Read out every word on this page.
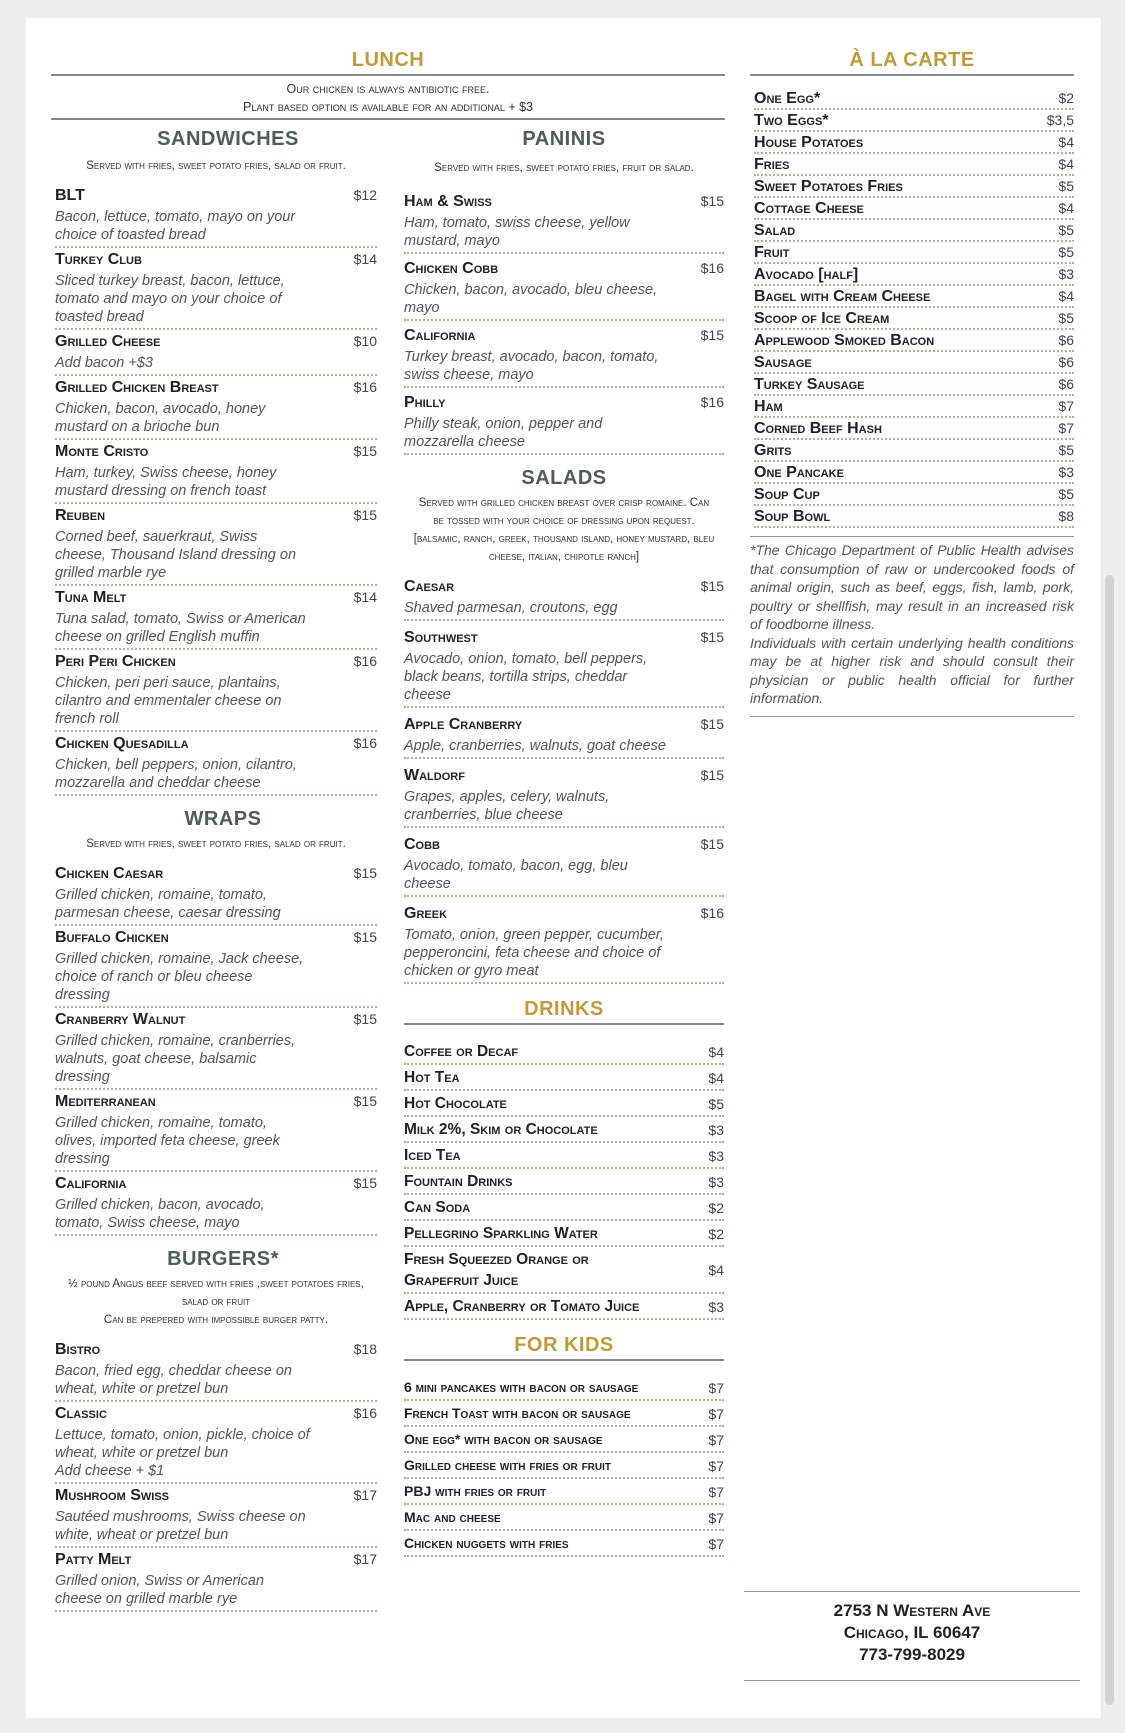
LUNCH
Our chicken is always antibiotic free.
Plant based option is available for an additional + $3
SANDWICHES
Served with fries, sweet potato fries, salad or fruit.
BLT	$12
Bacon, lettuce, tomato, mayo on your choice of toasted bread
Turkey Club	$14
Sliced turkey breast, bacon, lettuce, tomato and mayo on your choice of toasted bread
Grilled Cheese	$10
Add bacon +$3
Grilled Chicken Breast	$16
Chicken, bacon, avocado, honey mustard on a brioche bun
Monte Cristo	$15
Ham, turkey, Swiss cheese, honey mustard dressing on french toast
Reuben	$15
Corned beef, sauerkraut, Swiss cheese, Thousand Island dressing on grilled marble rye
Tuna Melt	$14
Tuna salad, tomato, Swiss or American cheese on grilled English muffin
Peri Peri Chicken	$16
Chicken, peri peri sauce, plantains, cilantro and emmentaler cheese on french roll
Chicken Quesadilla	$16
Chicken, bell peppers, onion, cilantro, mozzarella and cheddar cheese
WRAPS
Served with fries, sweet potato fries, salad or fruit.
Chicken Caesar	$15
Grilled chicken, romaine, tomato, parmesan cheese, caesar dressing
Buffalo Chicken	$15
Grilled chicken, romaine, Jack cheese, choice of ranch or bleu cheese dressing
Cranberry Walnut	$15
Grilled chicken, romaine, cranberries, walnuts, goat cheese, balsamic dressing
Mediterranean	$15
Grilled chicken, romaine, tomato, olives, imported feta cheese, greek dressing
California	$15
Grilled chicken, bacon, avocado, tomato, Swiss cheese, mayo
BURGERS*
½ pound Angus beef served with fries ,sweet potatoes fries, salad or fruit
Can be prepered with impossible burger patty.
Bistro	$18
Bacon, fried egg, cheddar cheese on wheat, white or pretzel bun
Classic	$16
Lettuce, tomato, onion, pickle, choice of wheat, white or pretzel bun
Add cheese + $1
Mushroom Swiss	$17
Sautéed mushrooms, Swiss cheese on white, wheat or pretzel bun
Patty Melt	$17
Grilled onion, Swiss or American cheese on grilled marble rye
PANINIS
Served with fries, sweet potato fries, fruit or salad.
Ham & Swiss	$15
Ham, tomato, swiss cheese, yellow mustard, mayo
Chicken Cobb	$16
Chicken, bacon, avocado, bleu cheese, mayo
California	$15
Turkey breast, avocado, bacon, tomato, swiss cheese, mayo
Philly	$16
Philly steak, onion, pepper and mozzarella cheese
SALADS
Served with grilled chicken breast over crisp romaine. Can be tossed with your choice of dressing upon request.
[balsamic, ranch, greek, thousand island, honey mustard, bleu cheese, italian, chipotle ranch]
Caesar	$15
Shaved parmesan, croutons, egg
Southwest	$15
Avocado, onion, tomato, bell peppers, black beans, tortilla strips, cheddar cheese
Apple Cranberry	$15
Apple, cranberries, walnuts, goat cheese
Waldorf	$15
Grapes, apples, celery, walnuts, cranberries, blue cheese
Cobb	$15
Avocado, tomato, bacon, egg, bleu cheese
Greek	$16
Tomato, onion, green pepper, cucumber, pepperoncini, feta cheese and choice of chicken or gyro meat
DRINKS
Coffee or Decaf	$4
Hot Tea	$4
Hot Chocolate	$5
Milk 2%, Skim or Chocolate	$3
Iced Tea	$3
Fountain Drinks	$3
Can Soda	$2
Pellegrino Sparkling Water	$2
Fresh Squeezed Orange or Grapefruit Juice
$4
Apple, Cranberry or Tomato Juice	$3
FOR KIDS
6 mini pancakes with bacon or sausage	$7
French Toast with bacon or sausage	$7
One egg* with bacon or sausage	$7
Grilled cheese with fries or fruit	$7
PBJ with fries or fruit	$7
Mac and cheese	$7
Chicken nuggets with fries	$7
À LA CARTE
One Egg*	$2
Two Eggs*	$3,5
House Potatoes	$4
Fries	$4
Sweet Potatoes Fries	$5
Cottage Cheese	$4
Salad	$5
Fruit	$5
Avocado [half]	$3
Bagel with Cream Cheese	$4
Scoop of Ice Cream	$5
Applewood Smoked Bacon	$6
Sausage	$6
Turkey Sausage	$6
Ham	$7
Corned Beef Hash	$7
Grits	$5
One Pancake	$3
Soup Cup	$5
Soup Bowl	$8
*The Chicago Department of Public Health advises that consumption of raw or undercooked foods of animal origin, such as beef, eggs, fish, lamb, pork, poultry or shellfish, may result in an increased risk of foodborne illness.
Individuals with certain underlying health conditions may be at higher risk and should consult their physician or public health official for further information.
2753 N Western Ave
Chicago, IL 60647
773-799-8029
